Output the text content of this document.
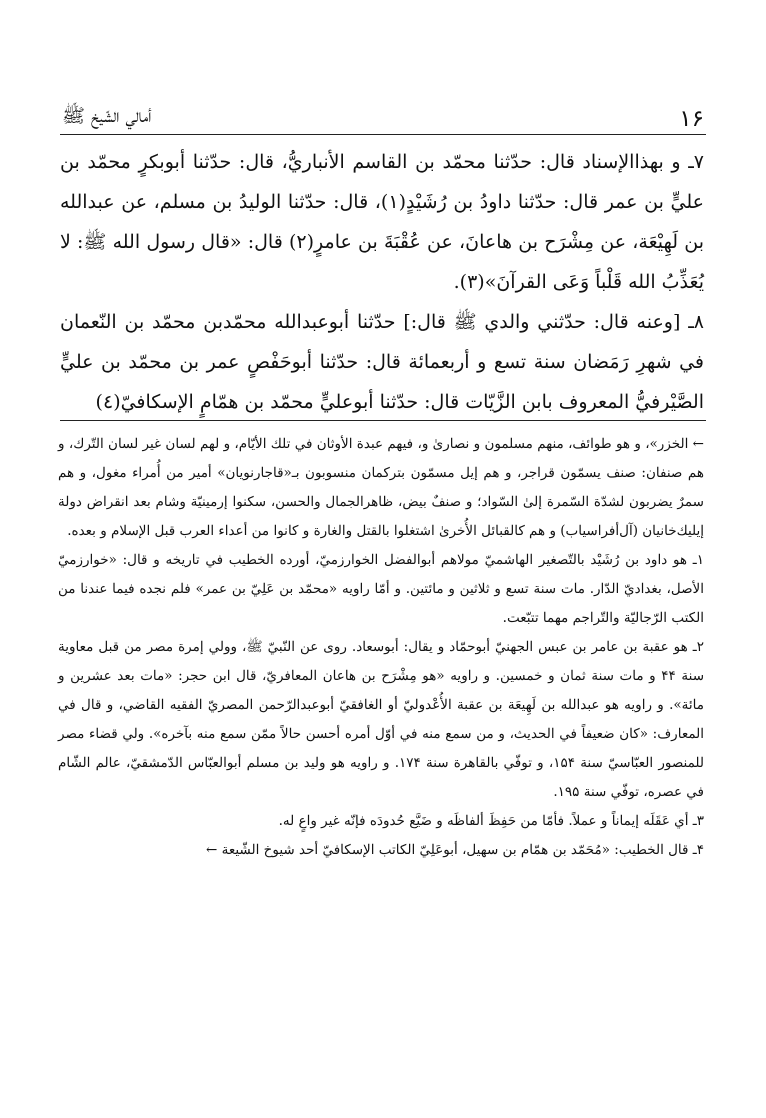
١۶
أمالي الشّيخ ﷺ

٧ـ و بهذاالإسناد قال: حدّثنا محمّد بن القاسم الأنباريُّ، قال: حدّثنا أبوبكرٍ محمّد بن عليٍّ بن عمر قال: حدّثنا داودُ بن رُشَيْدٍ(١)، قال: حدّثنا الوليدُ بن مسلم، عن عبدالله بن لَهِيْعَة، عن مِشْرَح بن هاعانَ، عن عُقْبَةَ بن عامرٍ(٢) قال: «قال رسول الله ﷺ: لا يُعَذِّبُ الله قَلْباً وَعَى القرآنَ»(٣).

٨ـ [وعنه قال: حدّثني والدي ﷺ قال:] حدّثنا أبوعبدالله محمّدبن محمّد بن النّعمان في شهرِ رَمَضان سنة تسع و أربعمائة قال: حدّثنا أبوحَفْصٍ عمر بن محمّد بن عليٍّ الصَّيْرفيُّ المعروف بابن الزَّيّات قال: حدّثنا أبوعليٍّ محمّد بن همّامٍ الإسكافيّ(٤)

← الخزر»، و هو طوائف، منهم مسلمون و نصارىٰ و، فيهم عبدة الأوثان في تلك الأيّام، و لهم لسان غير لسان التّرك، و هم صنفان: صنف يسمّون قراجر، و هم إيل مسمّون بتركمان منسوبون بـ«قاجارنويان» أمير من أُمراء مغول، و هم سمرٌ يضربون لشدّة السّمرة إلىٰ السّواد؛ و صنفٌ بيض، ظاهرالجمال والحسن، سكنوا إرمينيّة وشام بعد انقراض دولة إيليك‌خانيان (آل‌أفراسياب) و هم كالقبائل الأُخرىٰ اشتغلوا بالقتل والغارة و كانوا من أعداء العرب قبل الإسلام و بعده.

١ـ هو داود بن رُشَيْد بالتّصغير الهاشميّ مولاهم أبوالفضل الخوارزميّ، أورده الخطيب في تاريخه و قال: «خوارزميّ الأصل، بغداديّ الدّار. مات سنة تسع و ثلاثين و مائتين. و أمّا راويه «محمّد بن عَلِيّ بن عمر» فلم نجده فيما عندنا من الكتب الرّجاليّة والتّراجم مهما تتبّعت.

٢ـ هو عقبة بن عامر بن عبس الجهنيّ أبوحمّاد و يقال: أبوسعاد. روى عن النّبيّ ﷺ، وولي إمرة مصر من قبل معاوية سنة ۴۴ و مات سنة ثمان و خمسين. و راويه «هو مِشْرَح بن هاعان المعافريّ، قال ابن حجر: «مات بعد عشرين و مائة». و راويه هو عبدالله بن لَهِيعَة بن عقبة الأُعْدوليّ أو الغافقيّ أبوعبدالرّحمن المصريّ الفقيه القاضي، و قال في المعارف: «كان ضعيفاً في الحديث، و من سمع منه في أوّل أمره أحسن حالاً ممّن سمع منه بآخره». ولي قضاء مصر للمنصور العبّاسيّ سنة ١۵۴، و توفّي بالقاهرة سنة ١٧۴. و راويه هو وليد بن مسلم أبوالعبّاس الدّمشقيّ، عالم الشّام في عصره، توفّي سنة ١٩۵.

٣ـ أي عَقَلَه إيماناً و عملاً. فأمّا من حَفِظَ ألفاظَه و ضَيَّع حُدودَه فإنّه غير واعٍ له.

۴ـ قال الخطيب: «مُحَمّد بن همّام بن سهيل، أبوعَلِيّ الكاتب الإسكافيّ أحد شيوخ الشّيعة ←
